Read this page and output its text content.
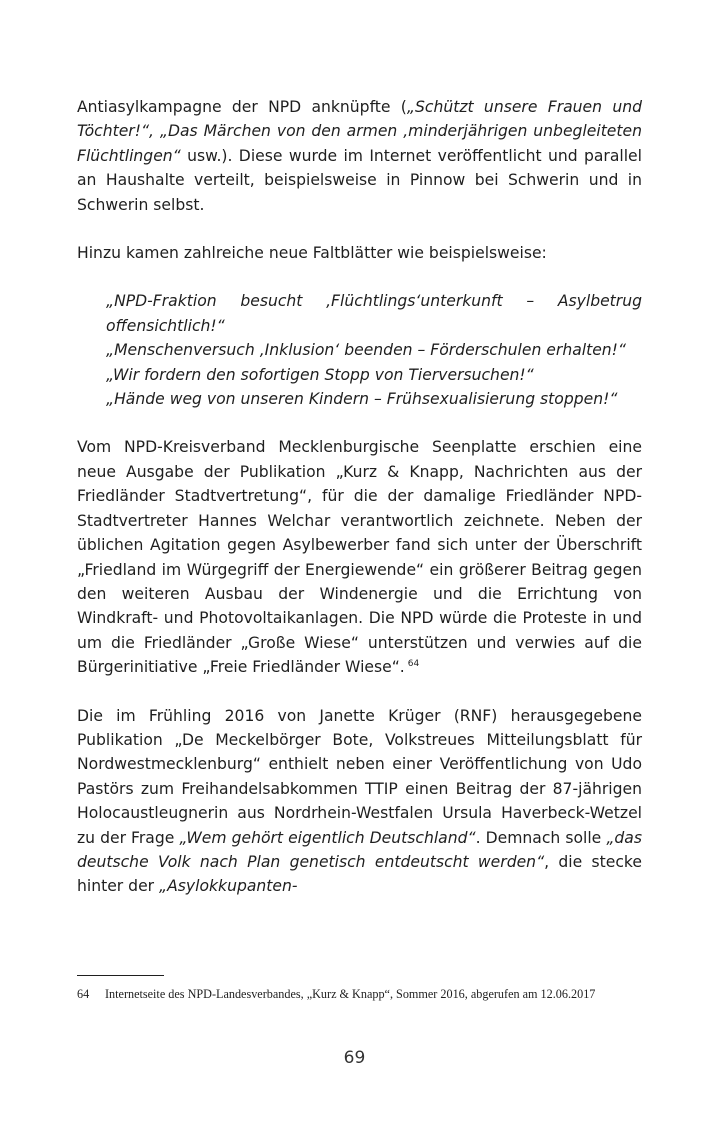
Antiasylkampagne der NPD anknüpfte („Schützt unsere Frauen und Töchter!“, „Das Märchen von den armen ‚minderjährigen unbegleiteten Flüchtlingen“ usw.). Diese wurde im Internet veröffentlicht und parallel an Haushalte verteilt, beispielsweise in Pinnow bei Schwerin und in Schwerin selbst.

Hinzu kamen zahlreiche neue Faltblätter wie beispielsweise:

„NPD-Fraktion besucht ‚Flüchtlings‘unterkunft – Asylbetrug offensichtlich!“
„Menschenversuch ‚Inklusion‘ beenden – Förderschulen erhalten!“
„Wir fordern den sofortigen Stopp von Tierversuchen!“
„Hände weg von unseren Kindern – Frühsexualisierung stoppen!“

Vom NPD-Kreisverband Mecklenburgische Seenplatte erschien eine neue Ausgabe der Publikation „Kurz & Knapp, Nachrichten aus der Friedländer Stadtvertretung“, für die der damalige Friedländer NPD-Stadtvertreter Hannes Welchar verantwortlich zeichnete. Neben der üblichen Agitation gegen Asylbewerber fand sich unter der Überschrift „Friedland im Würgegriff der Energiewende“ ein größerer Beitrag gegen den weiteren Ausbau der Windenergie und die Errichtung von Windkraft- und Photovoltaikanlagen. Die NPD würde die Proteste in und um die Friedländer „Große Wiese“ unterstützen und verwies auf die Bürgerinitiative „Freie Friedländer Wiese“. $^{64}$

Die im Frühling 2016 von Janette Krüger (RNF) herausgegebene Publikation „De Meckelbörger Bote, Volkstreues Mitteilungsblatt für Nordwestmecklenburg“ enthielt neben einer Veröffentlichung von Udo Pastörs zum Freihandelsabkommen TTIP einen Beitrag der 87-jährigen Holocaustleugnerin aus Nordrhein-Westfalen Ursula Haverbeck-Wetzel zu der Frage „Wem gehört eigentlich Deutschland“. Demnach solle „das deutsche Volk nach Plan genetisch entdeutscht werden“, die stecke hinter der „Asylokkupanten-

64	Internetseite des NPD-Landesverbandes, „Kurz & Knapp“, Sommer 2016, abgerufen am 12.06.2017
69
